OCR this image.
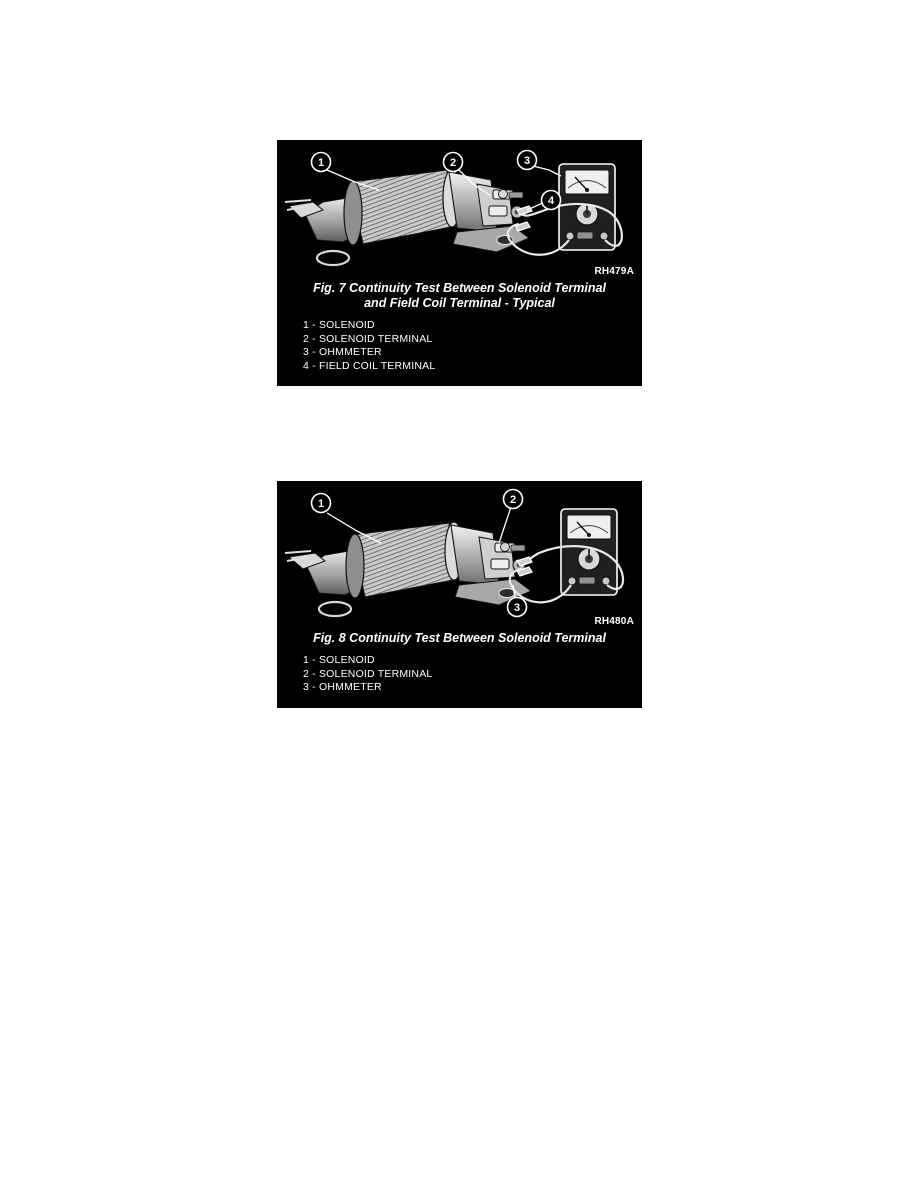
1	2	3
4
RH479A
Fig. 7 Continuity Test Between Solenoid Terminal
and Field Coil Terminal - Typical
1 - SOLENOID
2 - SOLENOID TERMINAL
3 - OHMMETER
4 - FIELD COIL TERMINAL
1	2
3
RH480A
Fig. 8 Continuity Test Between Solenoid Terminal
1 - SOLENOID
2 - SOLENOID TERMINAL
3 - OHMMETER
